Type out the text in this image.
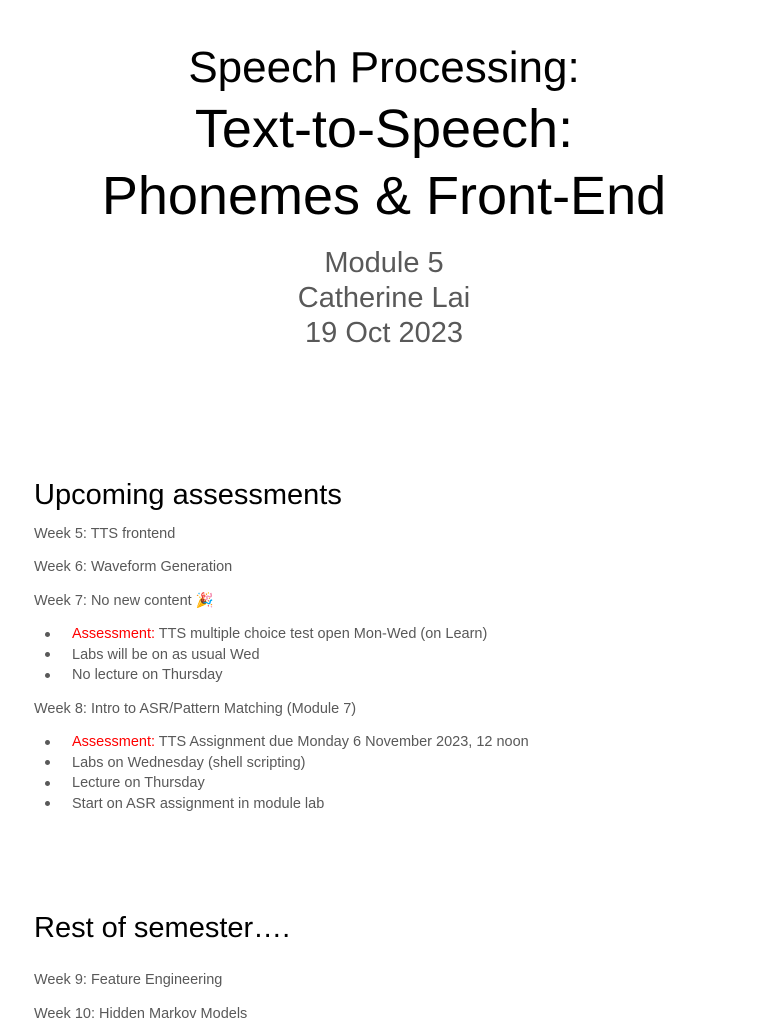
Speech Processing:
Text-to-Speech:
Phonemes & Front-End
Module 5
Catherine Lai
19 Oct 2023
Upcoming assessments
Week 5: TTS frontend
Week 6: Waveform Generation
Week 7: No new content 🎉
Assessment: TTS multiple choice test open Mon-Wed (on Learn)
Labs will be on as usual Wed
No lecture on Thursday
Week 8: Intro to ASR/Pattern Matching (Module 7)
Assessment: TTS Assignment due Monday 6 November 2023, 12 noon
Labs on Wednesday (shell scripting)
Lecture on Thursday
Start on ASR assignment in module lab
Rest of semester….
Week 9: Feature Engineering
Week 10: Hidden Markov Models
